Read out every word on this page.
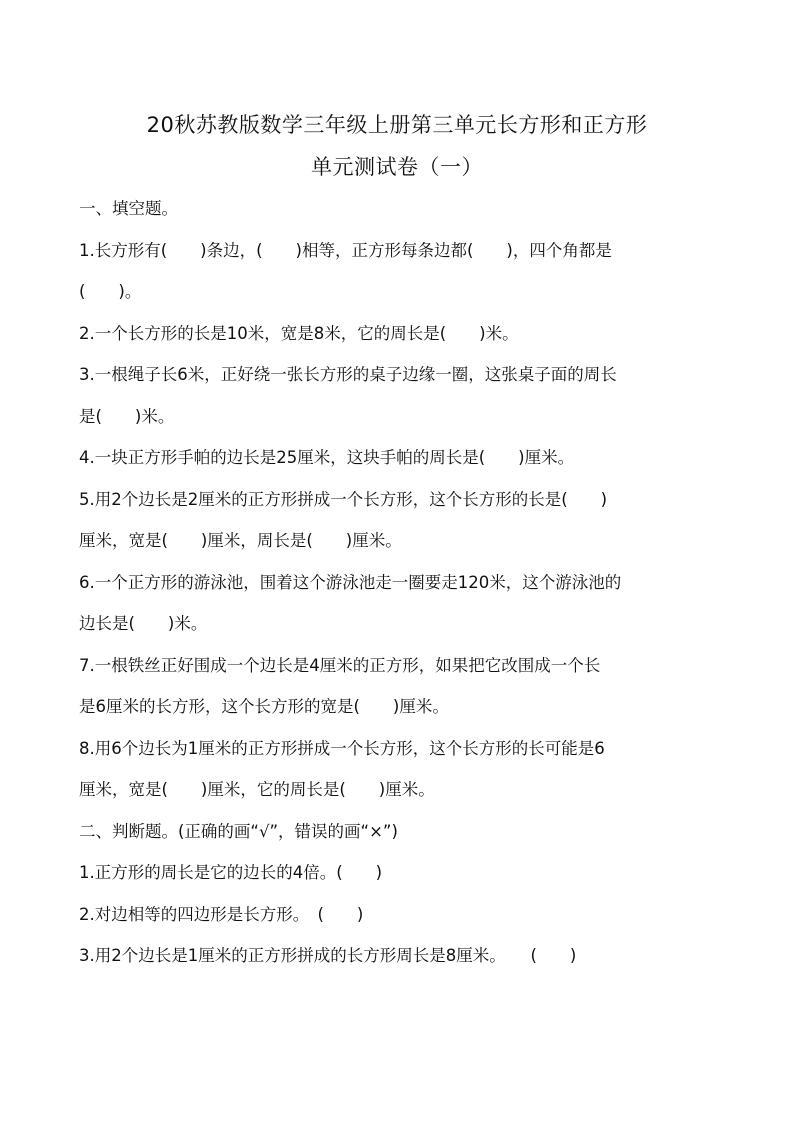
20秋苏教版数学三年级上册第三单元长方形和正方形
单元测试卷（一）
一、填空题。
1.长方形有(　　)条边，(　　)相等，正方形每条边都(　　)，四个角都是
(　　)。
2.一个长方形的长是10米，宽是8米，它的周长是(　　)米。
3.一根绳子长6米，正好绕一张长方形的桌子边缘一圈，这张桌子面的周长
是(　　)米。
4.一块正方形手帕的边长是25厘米，这块手帕的周长是(　　)厘米。
5.用2个边长是2厘米的正方形拼成一个长方形，这个长方形的长是(　　)
厘米，宽是(　　)厘米，周长是(　　)厘米。
6.一个正方形的游泳池，围着这个游泳池走一圈要走120米，这个游泳池的
边长是(　　)米。
7.一根铁丝正好围成一个边长是4厘米的正方形，如果把它改围成一个长
是6厘米的长方形，这个长方形的宽是(　　)厘米。
8.用6个边长为1厘米的正方形拼成一个长方形，这个长方形的长可能是6
厘米，宽是(　　)厘米，它的周长是(　　)厘米。
二、判断题。(正确的画“√”，错误的画“×”)
1.正方形的周长是它的边长的4倍。(　　)
2.对边相等的四边形是长方形。　(　　)
3.用2个边长是1厘米的正方形拼成的长方形周长是8厘米。　　(　　)
